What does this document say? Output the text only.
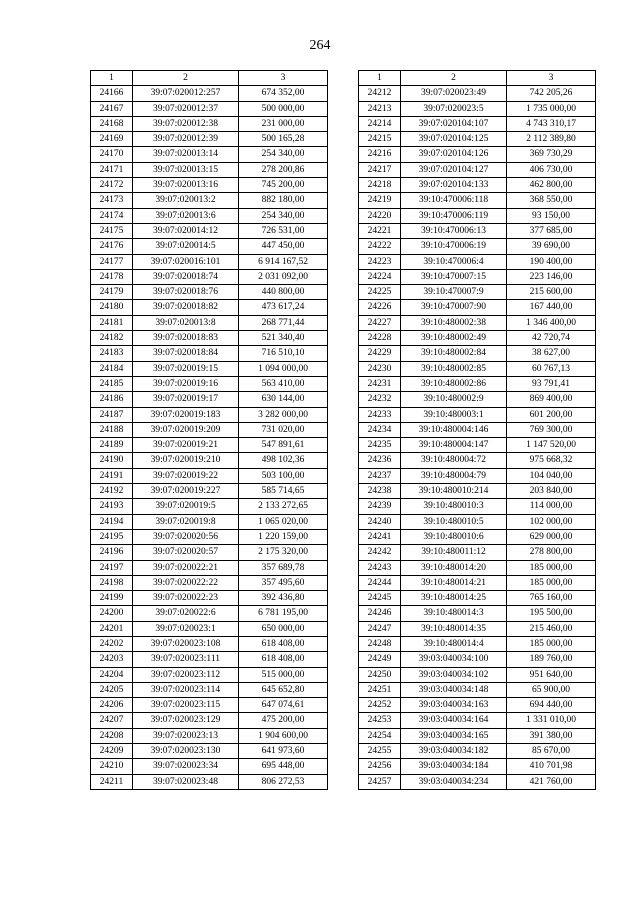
264
1	2	3
24166	39:07:020012:257	674 352,00
24167	39:07:020012:37	500 000,00
24168	39:07:020012:38	231 000,00
24169	39:07:020012:39	500 165,28
24170	39:07:020013:14	254 340,00
24171	39:07:020013:15	278 200,86
24172	39:07:020013:16	745 200,00
24173	39:07:020013:2	882 180,00
24174	39:07:020013:6	254 340,00
24175	39:07:020014:12	726 531,00
24176	39:07:020014:5	447 450,00
24177	39:07:020016:101	6 914 167,52
24178	39:07:020018:74	2 031 092,00
24179	39:07:020018:76	440 800,00
24180	39:07:020018:82	473 617,24
24181	39:07:020013:8	268 771,44
24182	39:07:020018:83	521 340,40
24183	39:07:020018:84	716 510,10
24184	39:07:020019:15	1 094 000,00
24185	39:07:020019:16	563 410,00
24186	39:07:020019:17	630 144,00
24187	39:07:020019:183	3 282 000,00
24188	39:07:020019:209	731 020,00
24189	39:07:020019:21	547 891,61
24190	39:07:020019:210	498 102,36
24191	39:07:020019:22	503 100,00
24192	39:07:020019:227	585 714,65
24193	39:07:020019:5	2 133 272,65
24194	39:07:020019:8	1 065 020,00
24195	39:07:020020:56	1 220 159,00
24196	39:07:020020:57	2 175 320,00
24197	39:07:020022:21	357 689,78
24198	39:07:020022:22	357 495,60
24199	39:07:020022:23	392 436,80
24200	39:07:020022:6	6 781 195,00
24201	39:07:020023:1	650 000,00
24202	39:07:020023:108	618 408,00
24203	39:07:020023:111	618 408,00
24204	39:07:020023:112	515 000,00
24205	39:07:020023:114	645 652,80
24206	39:07:020023:115	647 074,61
24207	39:07:020023:129	475 200,00
24208	39:07:020023:13	1 904 600,00
24209	39:07:020023:130	641 973,60
24210	39:07:020023:34	695 448,00
24211	39:07:020023:48	806 272,53
1	2	3
24212	39:07:020023:49	742 205,26
24213	39:07:020023:5	1 735 000,00
24214	39:07:020104:107	4 743 310,17
24215	39:07:020104:125	2 112 389,80
24216	39:07:020104:126	369 730,29
24217	39:07:020104:127	406 730,00
24218	39:07:020104:133	462 800,00
24219	39:10:470006:118	368 550,00
24220	39:10:470006:119	93 150,00
24221	39:10:470006:13	377 685,00
24222	39:10:470006:19	39 690,00
24223	39:10:470006:4	190 400,00
24224	39:10:470007:15	223 146,00
24225	39:10:470007:9	215 600,00
24226	39:10:470007:90	167 440,00
24227	39:10:480002:38	1 346 400,00
24228	39:10:480002:49	42 720,74
24229	39:10:480002:84	38 627,00
24230	39:10:480002:85	60 767,13
24231	39:10:480002:86	93 791,41
24232	39:10:480002:9	869 400,00
24233	39:10:480003:1	601 200,00
24234	39:10:480004:146	769 300,00
24235	39:10:480004:147	1 147 520,00
24236	39:10:480004:72	975 668,32
24237	39:10:480004:79	104 040,00
24238	39:10:480010:214	203 840,00
24239	39:10:480010:3	114 000,00
24240	39:10:480010:5	102 000,00
24241	39:10:480010:6	629 000,00
24242	39:10:480011:12	278 800,00
24243	39:10:480014:20	185 000,00
24244	39:10:480014:21	185 000,00
24245	39:10:480014:25	765 160,00
24246	39:10:480014:3	195 500,00
24247	39:10:480014:35	215 460,00
24248	39:10:480014:4	185 000,00
24249	39:03:040034:100	189 760,00
24250	39:03:040034:102	951 640,00
24251	39:03:040034:148	65 900,00
24252	39:03:040034:163	694 440,00
24253	39:03:040034:164	1 331 010,00
24254	39:03:040034:165	391 380,00
24255	39:03:040034:182	85 670,00
24256	39:03:040034:184	410 701,98
24257	39:03:040034:234	421 760,00
